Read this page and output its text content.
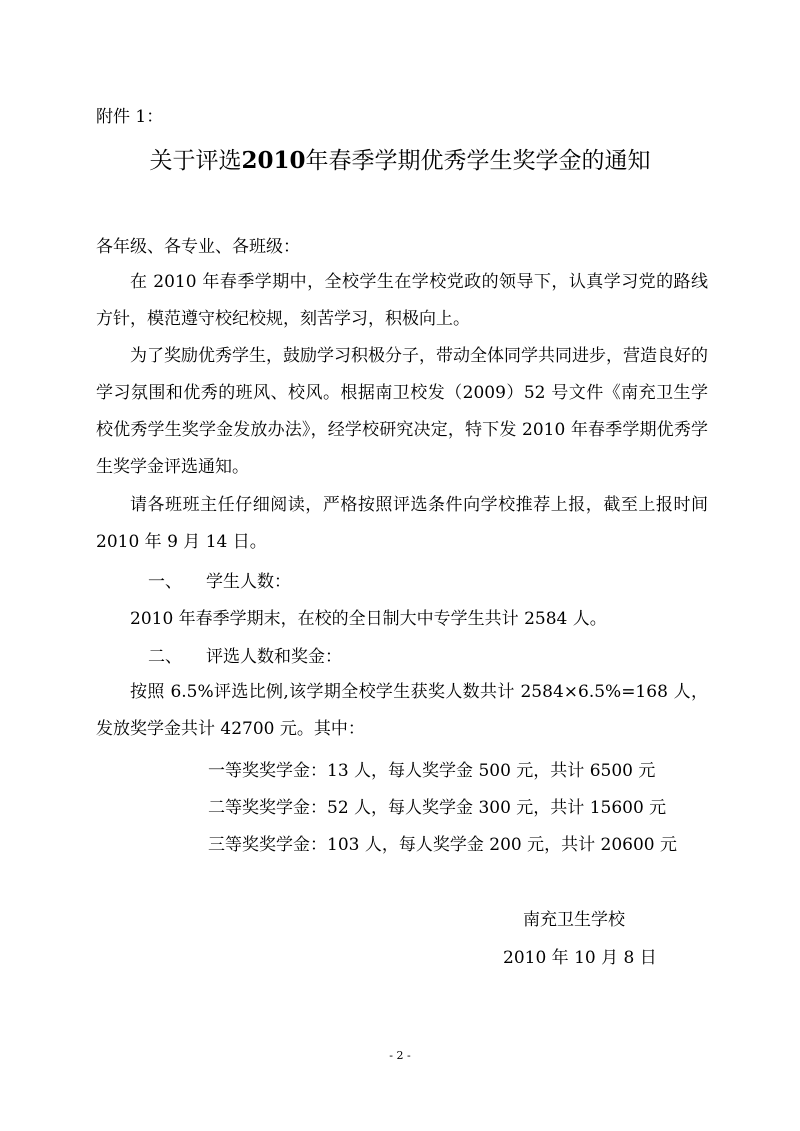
附件 1：
关于评选2010年春季学期优秀学生奖学金的通知
各年级、各专业、各班级：
在 2010 年春季学期中，全校学生在学校党政的领导下，认真学习党的路线方针，模范遵守校纪校规，刻苦学习，积极向上。
为了奖励优秀学生，鼓励学习积极分子，带动全体同学共同进步，营造良好的学习氛围和优秀的班风、校风。根据南卫校发（2009）52 号文件《南充卫生学校优秀学生奖学金发放办法》，经学校研究决定，特下发 2010 年春季学期优秀学生奖学金评选通知。
请各班班主任仔细阅读，严格按照评选条件向学校推荐上报，截至上报时间 2010 年 9 月 14 日。
一、 学生人数：
2010 年春季学期末，在校的全日制大中专学生共计 2584 人。
二、 评选人数和奖金：
按照 6.5%评选比例,该学期全校学生获奖人数共计 2584×6.5%=168 人，发放奖学金共计 42700 元。其中：
一等奖奖学金：13 人，每人奖学金 500 元，共计 6500 元
二等奖奖学金：52 人，每人奖学金 300 元，共计 15600 元
三等奖奖学金：103 人，每人奖学金 200 元，共计 20600 元
南充卫生学校
2010 年 10 月 8 日
- 2 -
